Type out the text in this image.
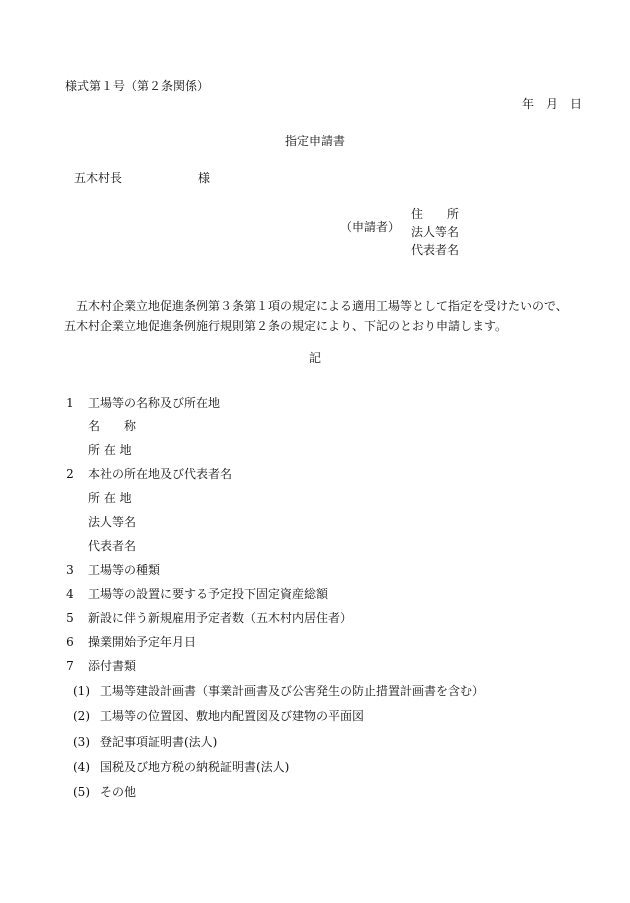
様式第１号（第２条関係）
年　月　日
指定申請書
五木村長	様
（申請者）
住　　所
法人等名
代表者名
五木村企業立地促進条例第３条第１項の規定による適用工場等として指定を受けたいので、
五木村企業立地促進条例施行規則第２条の規定により、下記のとおり申請します。
記
1 工場等の名称及び所在地
名　　称
所 在 地
2 本社の所在地及び代表者名
所 在 地
法人等名
代表者名
3 工場等の種類
4 工場等の設置に要する予定投下固定資産総額
5 新設に伴う新規雇用予定者数（五木村内居住者）
6 操業開始予定年月日
7 添付書類
(1) 工場等建設計画書（事業計画書及び公害発生の防止措置計画書を含む）
(2) 工場等の位置図、敷地内配置図及び建物の平面図
(3) 登記事項証明書(法人)
(4) 国税及び地方税の納税証明書(法人)
(5) その他
